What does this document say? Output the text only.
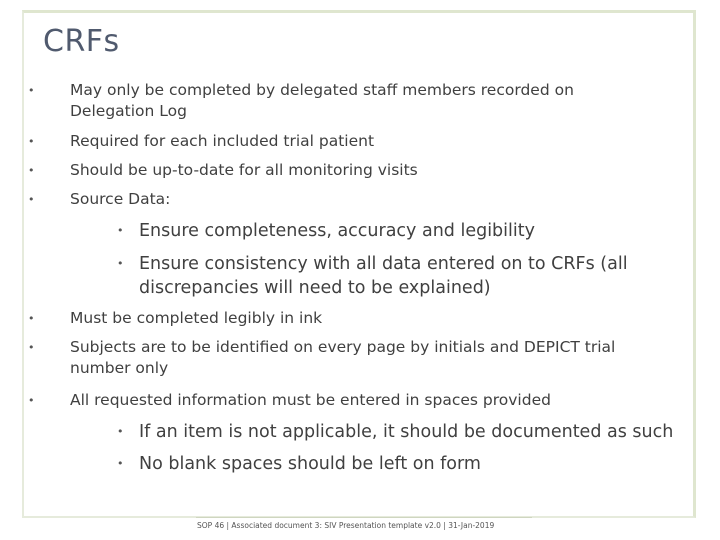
CRFs
• May only be completed by delegated staff members recorded on Delegation Log
• Required for each included trial patient
• Should be up-to-date for all monitoring visits
• Source Data:
• Ensure completeness, accuracy and legibility
• Ensure consistency with all data entered on to CRFs (all discrepancies will need to be explained)
• Must be completed legibly in ink
• Subjects are to be identified on every page by initials and DEPICT trial number only
• All requested information must be entered in spaces provided
• If an item is not applicable, it should be documented as such
• No blank spaces should be left on form
SOP 46 | Associated document 3: SIV Presentation template v2.0 | 31-Jan-2019
